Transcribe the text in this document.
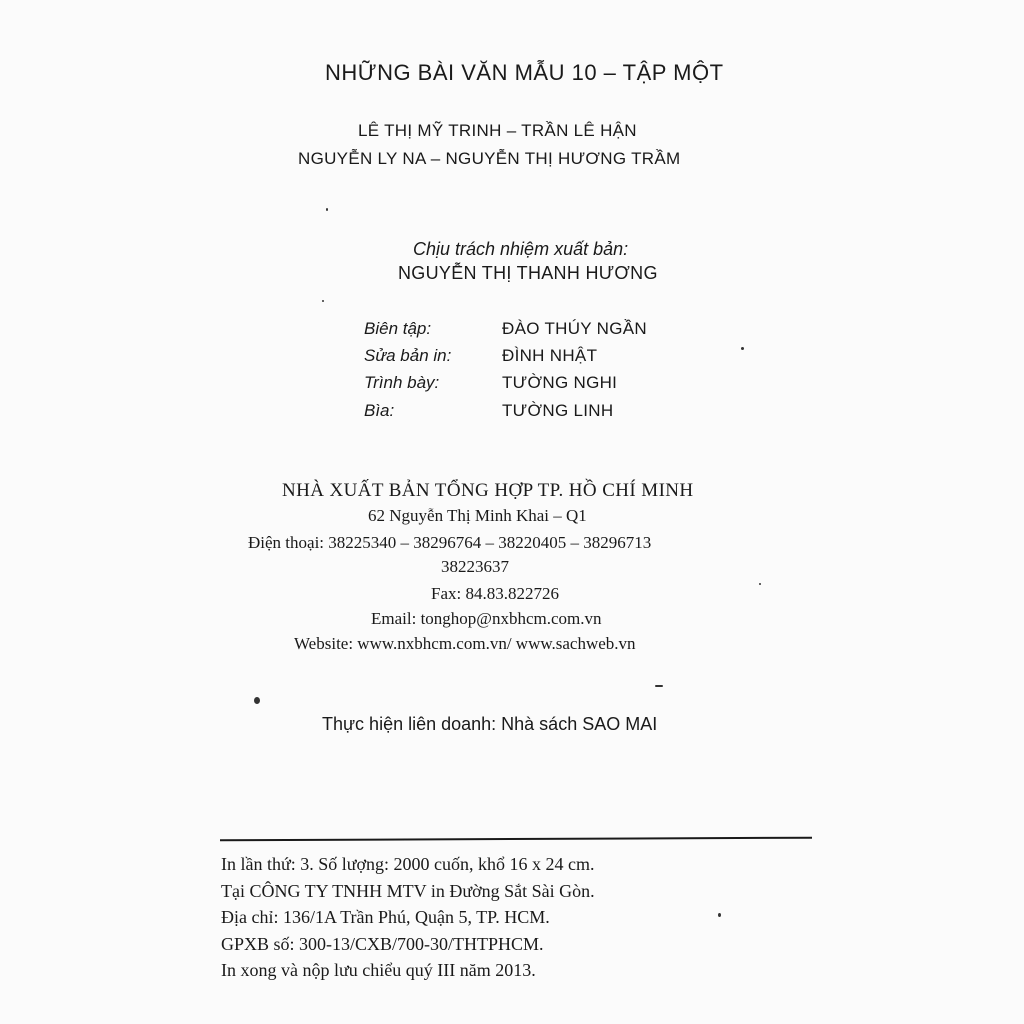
NHỮNG BÀI VĂN MẪU 10 – TẬP MỘT
LÊ THỊ MỸ TRINH – TRẦN LÊ HẬN
NGUYỄN LY NA – NGUYỄN THỊ HƯƠNG TRẦM
Chịu trách nhiệm xuất bản:
NGUYỄN THỊ THANH HƯƠNG
Biên tập:	ĐÀO THÚY NGẦN
Sửa bản in:	ĐÌNH NHẬT
Trình bày:	TƯỜNG NGHI
Bìa:	TƯỜNG LINH
NHÀ XUẤT BẢN TỔNG HỢP TP. HỒ CHÍ MINH
62 Nguyễn Thị Minh Khai – Q1
Điện thoại: 38225340 – 38296764 – 38220405 – 38296713
38223637
Fax: 84.83.822726
Email: tonghop@nxbhcm.com.vn
Website: www.nxbhcm.com.vn/ www.sachweb.vn
Thực hiện liên doanh: Nhà sách SAO MAI
In lần thứ: 3. Số lượng: 2000 cuốn, khổ 16 x 24 cm.
Tại CÔNG TY TNHH MTV in Đường Sắt Sài Gòn.
Địa chỉ: 136/1A Trần Phú, Quận 5, TP. HCM.
GPXB số: 300-13/CXB/700-30/THTPHCM.
In xong và nộp lưu chiểu quý III năm 2013.
